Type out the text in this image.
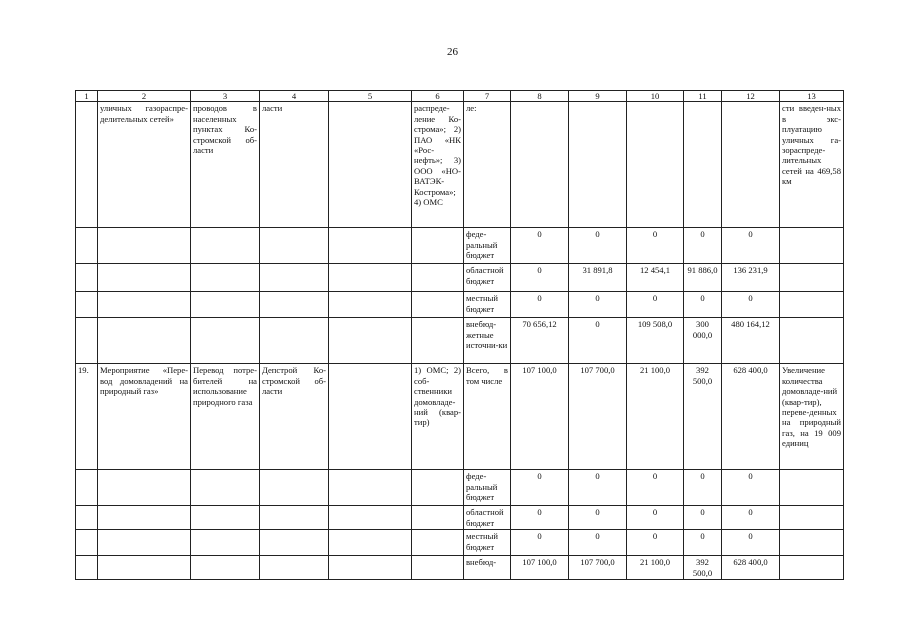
26
1	2	3	4	5	6	7	8	9	10	11	12	13
	уличных газораспре-делительных сетей»	проводов в населенных пунктах Ко-стромской об-ласти	ласти		распреде-ление Ко-строма»; 2) ПАО «НК «Рос-нефть»; 3) ООО «НО-ВАТЭК-Кострома»; 4) ОМС	ле:						сти введен-ных в экс-плуатацию уличных га-зораспреде-лительных сетей на 469,58 км
						феде-ральный бюджет	0	0	0	0	0	
						областной бюджет	0	31 891,8	12 454,1	91 886,0	136 231,9	
						местный бюджет	0	0	0	0	0	
						внебюд-жетные источни-ки	70 656,12	0	109 508,0	300 000,0	480 164,12	
19.	Мероприятие «Пере-вод домовладений на природный газ»	Перевод потре-бителей на использование природного газа	Депстрой Ко-стромской об-ласти		1) ОМС; 2) соб-ственники домовладе-ний (квар-тир)	Всего, в том числе	107 100,0	107 700,0	21 100,0	392 500,0	628 400,0	Увеличение количества домовладе-ний (квар-тир), переве-денных на природный газ, на 19 009 единиц
						феде-ральный бюджет	0	0	0	0	0	
						областной бюджет	0	0	0	0	0	
						местный бюджет	0	0	0	0	0	
						внебюд-	107 100,0	107 700,0	21 100,0	392 500,0	628 400,0	
